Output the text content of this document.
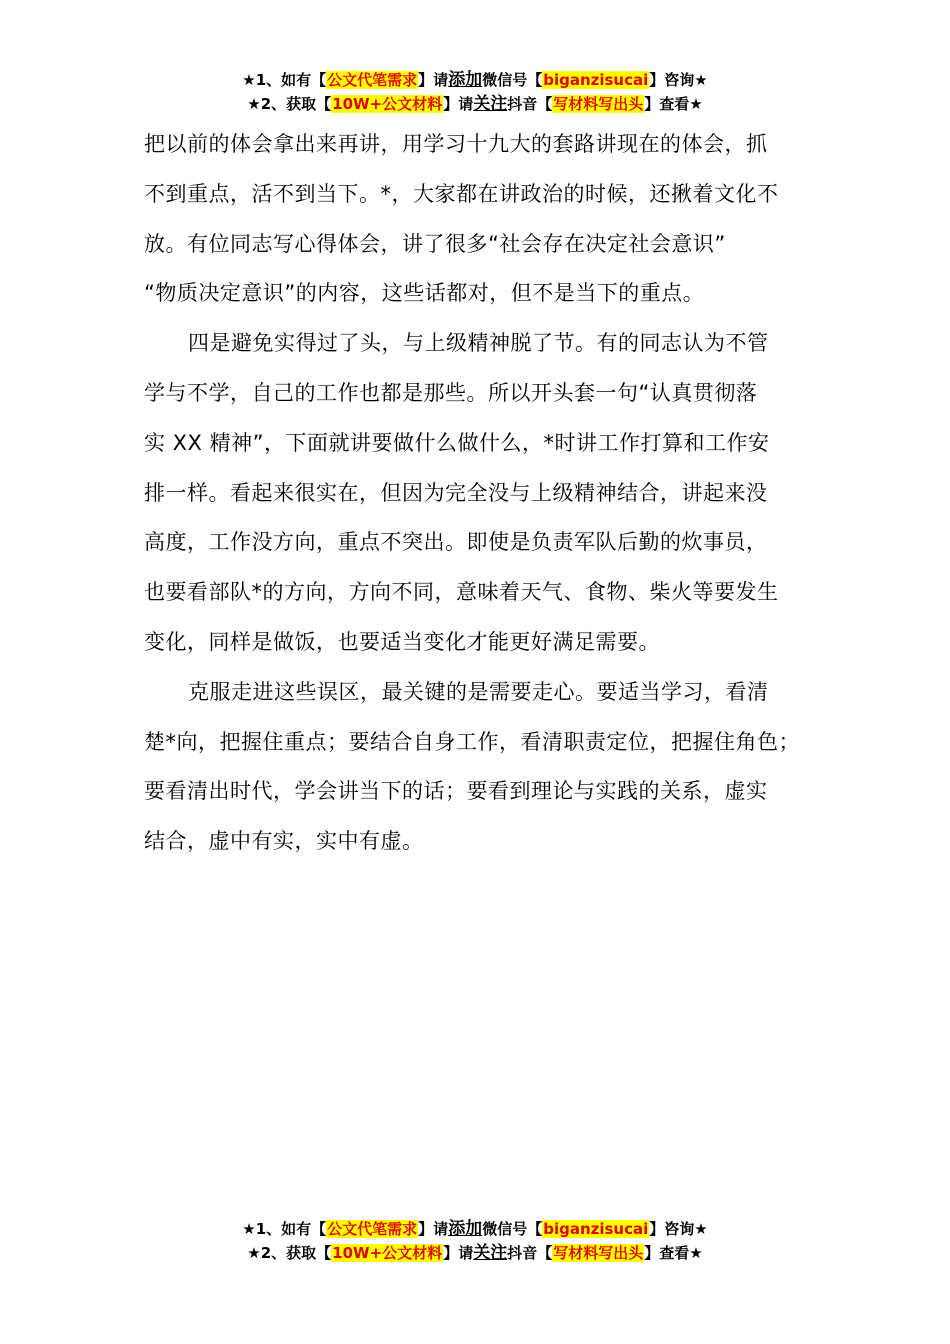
★1、如有【公文代笔需求】请添加微信号【biganzisucai】咨询★
★2、获取【10W+公文材料】请关注抖音【写材料写出头】查看★

把以前的体会拿出来再讲，用学习十九大的套路讲现在的体会，抓

不到重点，活不到当下。*，大家都在讲政治的时候，还揪着文化不

放。有位同志写心得体会，讲了很多“社会存在决定社会意识”

“物质决定意识”的内容，这些话都对，但不是当下的重点。

四是避免实得过了头，与上级精神脱了节。有的同志认为不管

学与不学，自己的工作也都是那些。所以开头套一句“认真贯彻落

实 XX 精神”，下面就讲要做什么做什么，*时讲工作打算和工作安

排一样。看起来很实在，但因为完全没与上级精神结合，讲起来没

高度，工作没方向，重点不突出。即使是负责军队后勤的炊事员，

也要看部队*的方向，方向不同，意味着天气、食物、柴火等要发生

变化，同样是做饭，也要适当变化才能更好满足需要。

克服走进这些误区，最关键的是需要走心。要适当学习，看清

楚*向，把握住重点；要结合自身工作，看清职责定位，把握住角色；

要看清出时代，学会讲当下的话；要看到理论与实践的关系，虚实

结合，虚中有实，实中有虚。

★1、如有【公文代笔需求】请添加微信号【biganzisucai】咨询★
★2、获取【10W+公文材料】请关注抖音【写材料写出头】查看★
